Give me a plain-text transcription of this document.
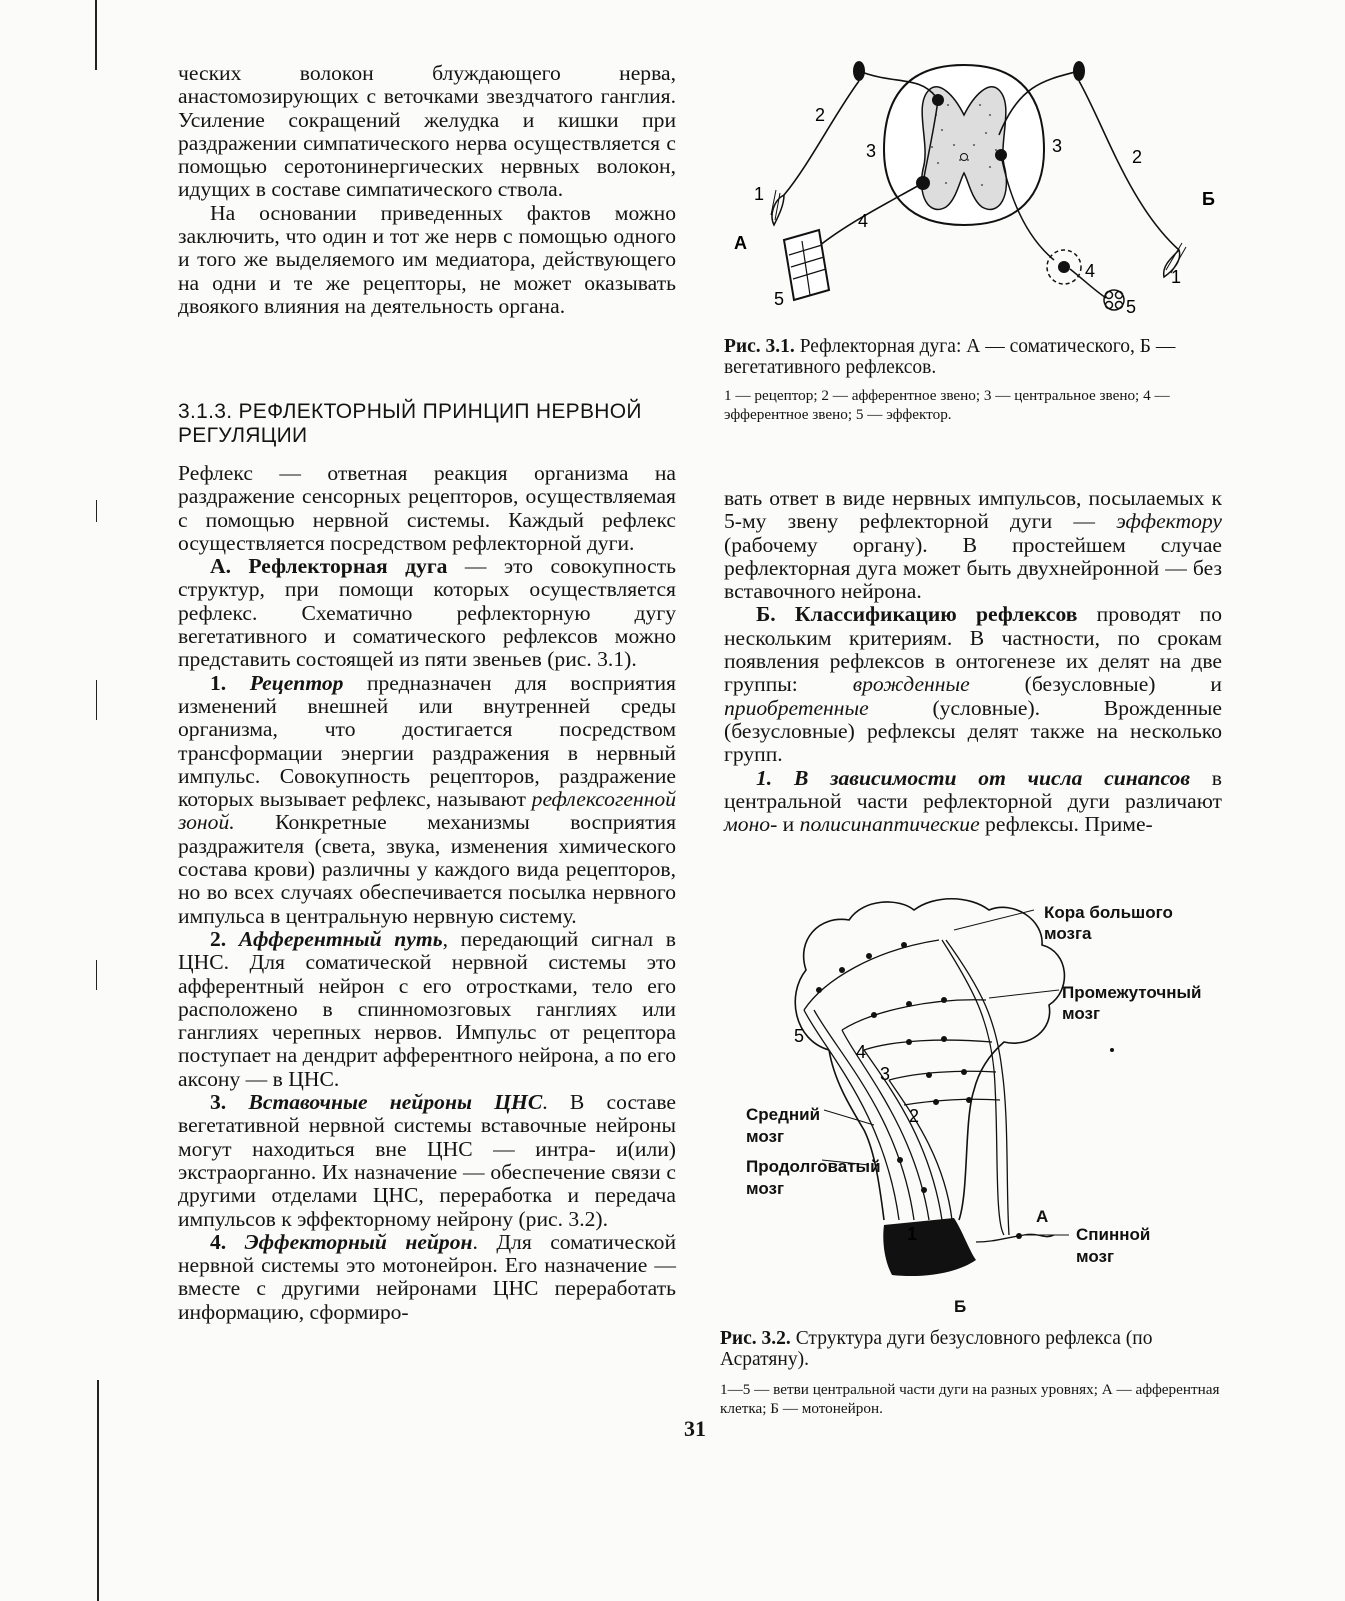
ческих волокон блуждающего нерва, анастомозирующих с веточками звездчатого ганглия. Усиление сокращений желудка и кишки при раздражении симпатического нерва осуществляется с помощью серотонинергических нервных волокон, идущих в составе симпатического ствола.

На основании приведенных фактов можно заключить, что один и тот же нерв с помощью одного и того же выделяемого им медиатора, действующего на одни и те же рецепторы, не может оказывать двоякого влияния на деятельность органа.

3.1.3. РЕФЛЕКТОРНЫЙ ПРИНЦИП НЕРВНОЙ РЕГУЛЯЦИИ

Рефлекс — ответная реакция организма на раздражение сенсорных рецепторов, осуществляемая с помощью нервной системы. Каждый рефлекс осуществляется посредством рефлекторной дуги.

А. Рефлекторная дуга — это совокупность структур, при помощи которых осуществляется рефлекс. Схематично рефлекторную дугу вегетативного и соматического рефлексов можно представить состоящей из пяти звеньев (рис. 3.1).

1. Рецептор предназначен для восприятия изменений внешней или внутренней среды организма, что достигается посредством трансформации энергии раздражения в нервный импульс. Совокупность рецепторов, раздражение которых вызывает рефлекс, называют рефлексогенной зоной. Конкретные механизмы восприятия раздражителя (света, звука, изменения химического состава крови) различны у каждого вида рецепторов, но во всех случаях обеспечивается посылка нервного импульса в центральную нервную систему.

2. Афферентный путь, передающий сигнал в ЦНС. Для соматической нервной системы это афферентный нейрон с его отростками, тело его расположено в спинномозговых ганглиях или ганглиях черепных нервов. Импульс от рецептора поступает на дендрит афферентного нейрона, а по его аксону — в ЦНС.

3. Вставочные нейроны ЦНС. В составе вегетативной нервной системы вставочные нейроны могут находиться вне ЦНС — интра- и(или) экстраорганно. Их назначение — обеспечение связи с другими отделами ЦНС, переработка и передача импульсов к эффекторному нейрону (рис. 3.2).

4. Эффекторный нейрон. Для соматической нервной системы это мотонейрон. Его назначение — вместе с другими нейронами ЦНС переработать информацию, сформиро-

2
3
1
4
А
5
3
2
Б
4	1
5
Рис. 3.1. Рефлекторная дуга: А — соматического, Б — вегетативного рефлексов.
1 — рецептор; 2 — афферентное звено; 3 — центральное звено; 4 — эфферентное звено; 5 — эффектор.

вать ответ в виде нервных импульсов, посылаемых к 5-му звену рефлекторной дуги — эффектору (рабочему органу). В простейшем случае рефлекторная дуга может быть двухнейронной — без вставочного нейрона.

Б. Классификацию рефлексов проводят по нескольким критериям. В частности, по срокам появления рефлексов в онтогенезе их делят на две группы: врожденные (безусловные) и приобретенные (условные). Врожденные (безусловные) рефлексы делят также на несколько групп.

1. В зависимости от числа синапсов в центральной части рефлекторной дуги различают моно- и полисинаптические рефлексы. Приме-

Кора большого
мозга
Промежуточный
мозг
Средний
мозг
Продолговатый
мозг
Спинной
мозг
А
Б
1
2
3
4
5
Рис. 3.2. Структура дуги безусловного рефлекса (по Асратяну).
1—5 — ветви центральной части дуги на разных уровнях; А — афферентная клетка; Б — мотонейрон.
31
